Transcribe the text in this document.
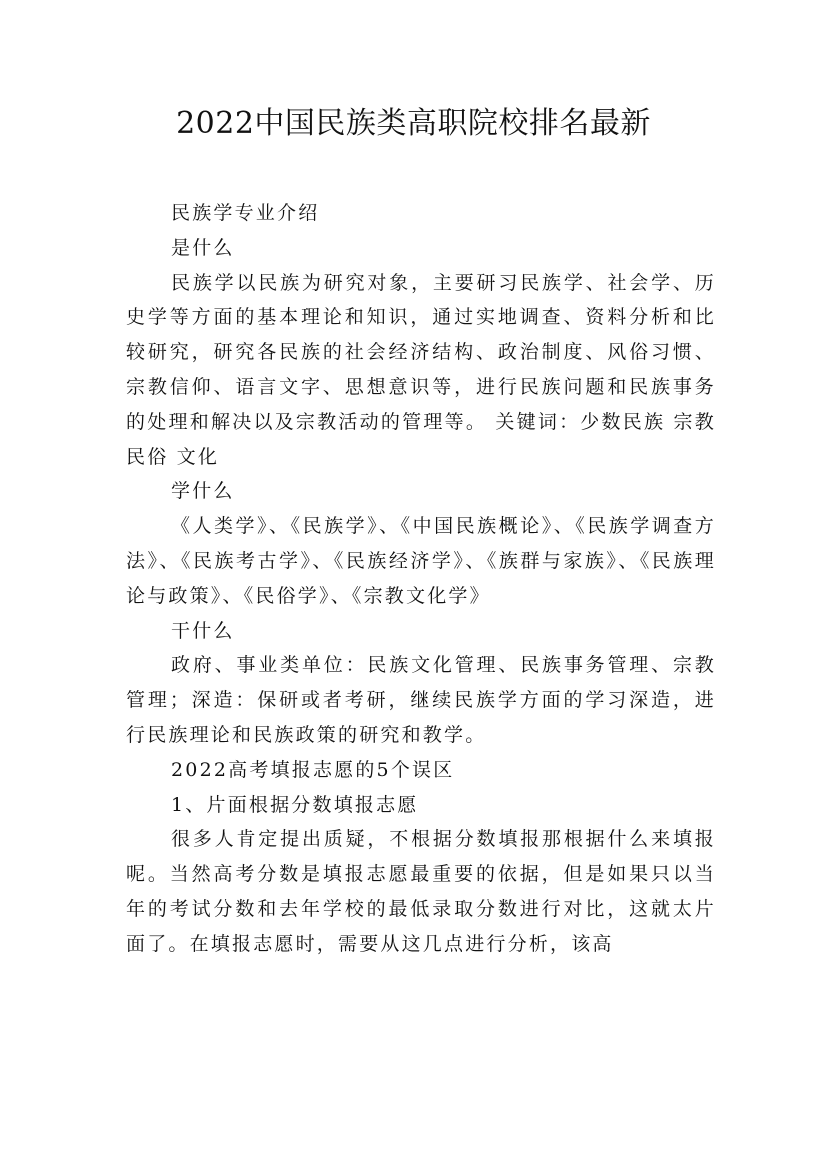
2022中国民族类高职院校排名最新

民族学专业介绍

是什么

民族学以民族为研究对象，主要研习民族学、社会学、历史学等方面的基本理论和知识，通过实地调查、资料分析和比较研究，研究各民族的社会经济结构、政治制度、风俗习惯、宗教信仰、语言文字、思想意识等，进行民族问题和民族事务的处理和解决以及宗教活动的管理等。 关键词：少数民族 宗教 民俗 文化

学什么

《人类学》、《民族学》、《中国民族概论》、《民族学调查方法》、《民族考古学》、《民族经济学》、《族群与家族》、《民族理论与政策》、《民俗学》、《宗教文化学》

干什么

政府、事业类单位：民族文化管理、民族事务管理、宗教管理；深造：保研或者考研，继续民族学方面的学习深造，进行民族理论和民族政策的研究和教学。

2022高考填报志愿的5个误区

1、片面根据分数填报志愿

很多人肯定提出质疑，不根据分数填报那根据什么来填报呢。当然高考分数是填报志愿最重要的依据，但是如果只以当年的考试分数和去年学校的最低录取分数进行对比，这就太片面了。在填报志愿时，需要从这几点进行分析，该高
